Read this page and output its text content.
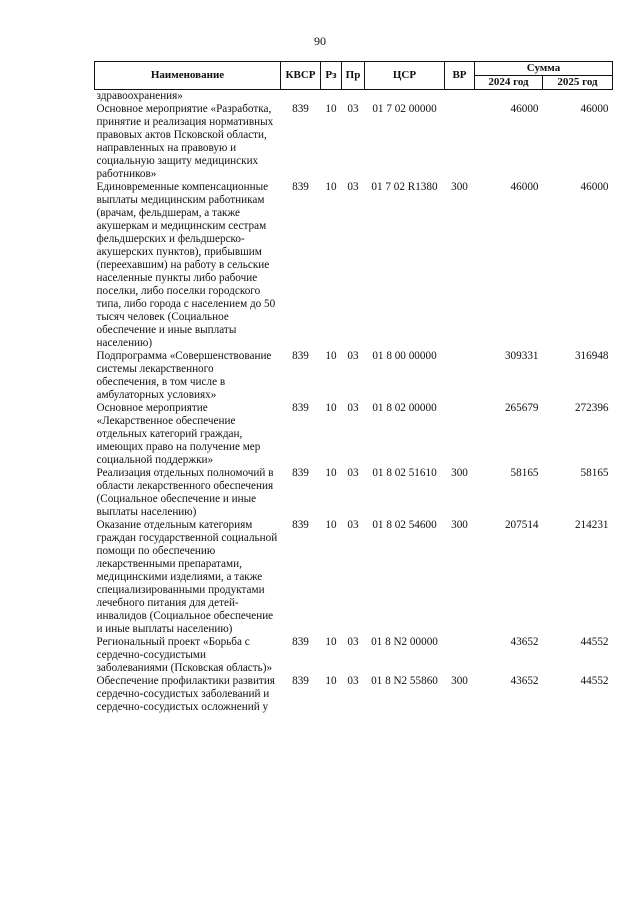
90
Наименование	КВСР	Рз	Пр	ЦСР	ВР	Сумма	
						2024 год	2025 год
здравоохранения»							
Основное мероприятие «Разработка, принятие и реализация нормативных правовых актов Псковской области, направленных на правовую и социальную защиту медицинских работников»	839	10	03	01 7 02 00000		46000	46000
Единовременные компенсационные выплаты медицинским работникам (врачам, фельдшерам, а также акушеркам и медицинским сестрам фельдшерских и фельдшерско-акушерских пунктов), прибывшим (переехавшим) на работу в сельские населенные пункты либо рабочие поселки, либо поселки городского типа, либо города с населением до 50 тысяч человек (Социальное обеспечение и иные выплаты населению)	839	10	03	01 7 02 R1380	300	46000	46000
Подпрограмма «Совершенствование системы лекарственного обеспечения, в том числе в амбулаторных условиях»	839	10	03	01 8 00 00000		309331	316948
Основное мероприятие «Лекарственное обеспечение отдельных категорий граждан, имеющих право на получение мер социальной поддержки»	839	10	03	01 8 02 00000		265679	272396
Реализация отдельных полномочий в области лекарственного обеспечения (Социальное обеспечение и иные выплаты населению)	839	10	03	01 8 02 51610	300	58165	58165
Оказание отдельным категориям граждан государственной социальной помощи по обеспечению лекарственными препаратами, медицинскими изделиями, а также специализированными продуктами лечебного питания для детей-инвалидов (Социальное обеспечение и иные выплаты населению)	839	10	03	01 8 02 54600	300	207514	214231
Региональный проект «Борьба с сердечно-сосудистыми заболеваниями (Псковская область)»	839	10	03	01 8 N2 00000		43652	44552
Обеспечение профилактики развития сердечно-сосудистых заболеваний и сердечно-сосудистых осложнений у	839	10	03	01 8 N2 55860	300	43652	44552
